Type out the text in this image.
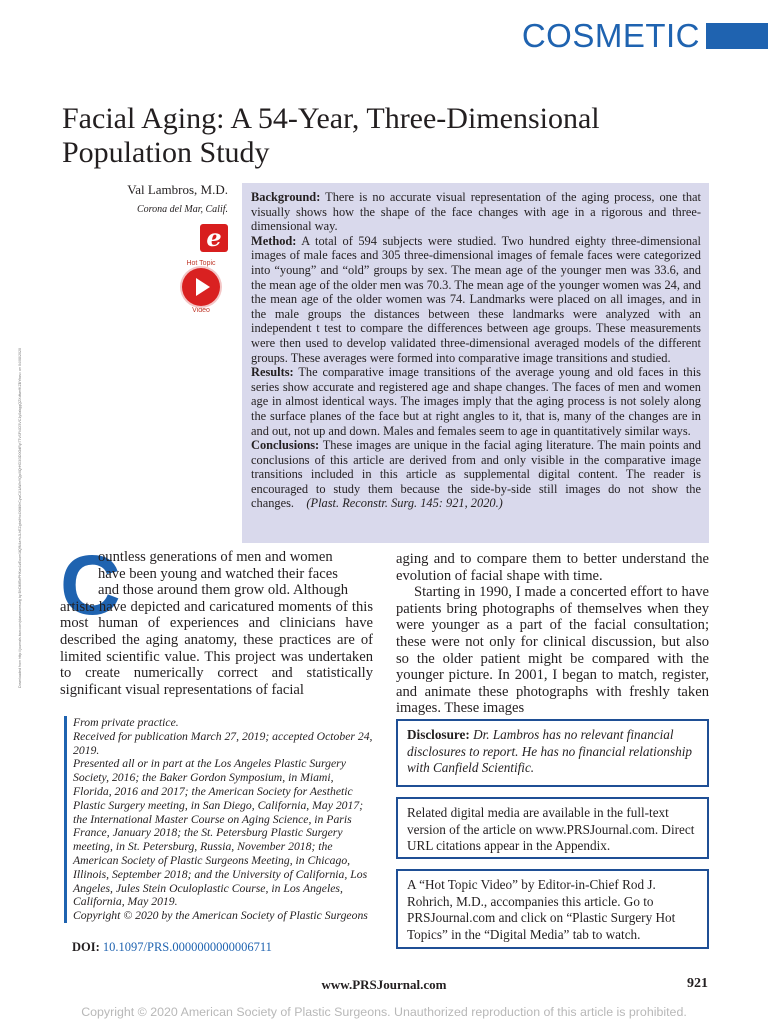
COSMETIC
Facial Aging: A 54-Year, Three-Dimensional
Population Study
Val Lambros, M.D.
Corona del Mar, Calif.
e
Hot Topic
Video
Downloaded from http://journals.lww.com/plasreconsurg by BhDMf5ePHKav1zEoum1tQfN4a+kJLhEZgbsIHo4XMi0hCywCX1AWnYQp/IlQrHD3i3D0OdRyi7TvSFl4Cf3VC1y0abggQZXdtwnfKZBYtws= on 04/08/2020

Background: There is no accurate visual representation of the aging process, one that visually shows how the shape of the face changes with age in a rigorous and three-dimensional way.

Method: A total of 594 subjects were studied. Two hundred eighty three-dimensional images of male faces and 305 three-dimensional images of female faces were categorized into “young” and “old” groups by sex. The mean age of the younger men was 33.6, and the mean age of the older men was 70.3. The mean age of the younger women was 24, and the mean age of the older women was 74. Landmarks were placed on all images, and in the male groups the distances between these landmarks were analyzed with an independent t test to compare the differences between age groups. These measurements were then used to develop validated three-dimensional averaged models of the different groups. These averages were formed into comparative image transitions and studied.

Results: The comparative image transitions of the average young and old faces in this series show accurate and registered age and shape changes. The faces of men and women age in almost identical ways. The images imply that the aging process is not solely along the surface planes of the face but at right angles to it, that is, many of the changes are in and out, not up and down. Males and females seem to age in quantitatively similar ways.

Conclusions: These images are unique in the facial aging literature. The main points and conclusions of this article are derived from and only visible in the comparative image transitions included in this article as supplemental digital content. The reader is encouraged to study them because the side-by-side still images do not show the changes. (Plast. Reconstr. Surg. 145: 921, 2020.)

C

ountless generations of men and women
have been young and watched their faces
and those around them grow old. Although
artists have depicted and caricatured moments of this most human of experiences and clinicians have described the aging anatomy, these practices are of limited scientific value. This project was undertaken to create numerically correct and statistically significant visual representations of facial

aging and to compare them to better understand the evolution of facial shape with time.
Starting in 1990, I made a concerted effort to have patients bring photographs of themselves when they were younger as a part of the facial consultation; these were not only for clinical discussion, but also so the older patient might be compared with the younger picture. In 2001, I began to match, register, and animate these photographs with freshly taken images. These images

From private practice.

Received for publication March 27, 2019; accepted October 24, 2019.

Presented all or in part at the Los Angeles Plastic Surgery Society, 2016; the Baker Gordon Symposium, in Miami, Florida, 2016 and 2017; the American Society for Aesthetic Plastic Surgery meeting, in San Diego, California, May 2017; the International Master Course on Aging Science, in Paris France, January 2018; the St. Petersburg Plastic Surgery meeting, in St. Petersburg, Russia, November 2018; the American Society of Plastic Surgeons Meeting, in Chicago, Illinois, September 2018; and the University of California, Los Angeles, Jules Stein Oculoplastic Course, in Los Angeles, California, May 2019.

Copyright © 2020 by the American Society of Plastic Surgeons

DOI: 10.1097/PRS.0000000000006711
Disclosure: Dr. Lambros has no relevant financial disclosures to report. He has no financial relationship with Canfield Scientific.
Related digital media are available in the full-text version of the article on www.PRSJournal.com. Direct URL citations appear in the Appendix.
A “Hot Topic Video” by Editor-in-Chief Rod J. Rohrich, M.D., accompanies this article. Go to PRSJournal.com and click on “Plastic Surgery Hot Topics” in the “Digital Media” tab to watch.
www.PRSJournal.com	921
Copyright © 2020 American Society of Plastic Surgeons. Unauthorized reproduction of this article is prohibited.
